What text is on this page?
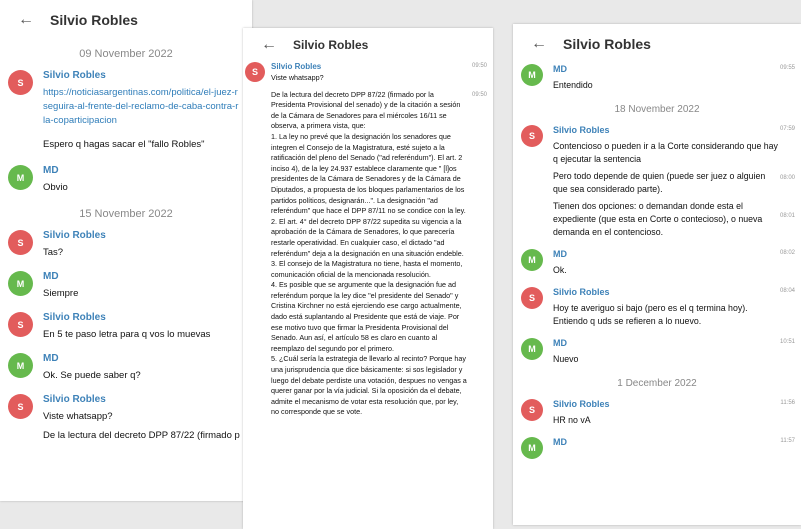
←	Silvio Robles
09 November 2022
S
Silvio Robles
https://noticiasargentinas.com/politica/el-juez-r
seguira-al-frente-del-reclamo-de-caba-contra-r
la-coparticipacion
Espero q hagas sacar el "fallo Robles"
M
MD
Obvio
15 November 2022
S
Silvio Robles
Tas?
M
MD
Siempre
S
Silvio Robles
En 5 te paso letra para q vos lo muevas
M
MD
Ok. Se puede saber q?
S
Silvio Robles
Viste whatsapp?
De la lectura del decreto DPP 87/22 (firmado p
←	Silvio Robles
S
Silvio Robles
Viste whatsapp?
De la lectura del decreto DPP 87/22 (firmado por la Presidenta Provisional del senado) y de la citación a sesión de la Cámara de Senadores para el miércoles 16/11 se observa, a primera vista, que:
1. La ley no prevé que la designación los senadores que integren el Consejo de la Magistratura, esté sujeto a la ratificación del pleno del Senado ("ad referéndum"). El art. 2 inciso 4), de la ley 24.937 establece claramente que " [l]os presidentes de la Cámara de Senadores y de la Cámara de Diputados, a propuesta de los bloques parlamentarios de los partidos políticos, designarán...". La designación "ad referéndum" que hace el DPP 87/11 no se condice con la ley.
2. El art. 4° del decreto DPP 87/22 supedita su vigencia a la aprobación de la Cámara de Senadores, lo que parecería restarle operatividad. En cualquier caso, el dictado "ad referéndum" deja a la designación en una situación endeble.
3. El consejo de la Magistratura no tiene, hasta el momento, comunicación oficial de la mencionada resolución.
4. Es posible que se argumente que la designación fue ad referéndum porque la ley dice "el presidente del Senado" y Cristina Kirchner no está ejerciendo ese cargo actualmente, dado está suplantando al Presidente que está de viaje. Por ese motivo tuvo que firmar la Presidenta Provisional del Senado. Aun así, el artículo 58 es claro en cuanto al reemplazo del segundo por el primero.
5. ¿Cuál sería la estrategia de llevarlo al recinto? Porque hay una jurisprudencia que dice básicamente: si sos legislador y luego del debate perdiste una votación, despues no vengas a querer ganar por la vía judicial. Si la oposición da el debate, admite el mecanismo de votar esta resolución que, por ley, no corresponde que se vote.
09:50
09:50
←	Silvio Robles
M
MD
Entendido
09:55
18 November 2022
S
Silvio Robles
Contencioso o pueden ir a la Corte considerando que hay
q ejecutar la sentencia
Pero todo depende de quien (puede ser juez o alguien
que sea considerado parte).
Tienen dos opciones: o demandan donde esta el
expediente (que esta en Corte o contecioso), o nueva
demanda en el contencioso.
07:59
08:00
08:01
M
MD
Ok.
08:02
S
Silvio Robles
Hoy te averiguo si bajo (pero es el q termina hoy).
Entiendo q uds se refieren a lo nuevo.
08:04
M
MD
Nuevo
10:51
1 December 2022
S
Silvio Robles
HR no vA
11:56
M
MD	11:57
